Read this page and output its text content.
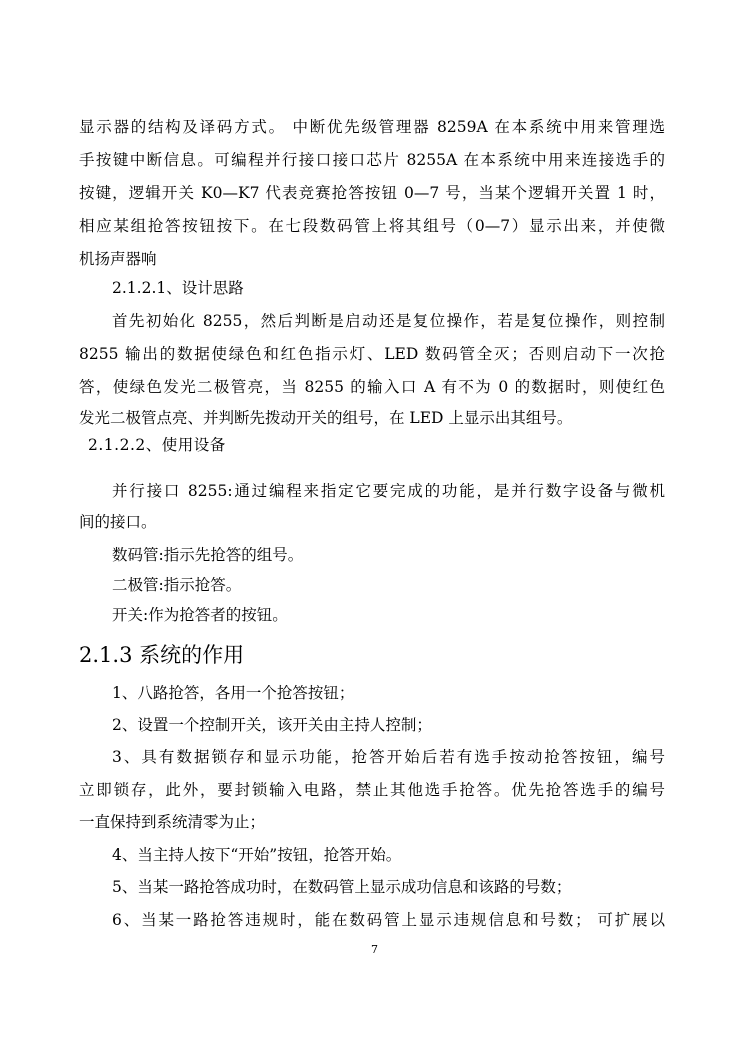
显示器的结构及译码方式。 中断优先级管理器 8259A 在本系统中用来管理选
手按键中断信息。可编程并行接口接口芯片 8255A 在本系统中用来连接选手的
按键，逻辑开关 K0—K7 代表竞赛抢答按钮 0—7 号，当某个逻辑开关置 1 时，
相应某组抢答按钮按下。在七段数码管上将其组号（0—7）显示出来，并使微
机扬声器响
2.1.2.1、设计思路
首先初始化 8255，然后判断是启动还是复位操作，若是复位操作，则控制
8255 输出的数据使绿色和红色指示灯、LED 数码管全灭；否则启动下一次抢
答，使绿色发光二极管亮，当 8255 的输入口 A 有不为 0 的数据时，则使红色
发光二极管点亮、并判断先拨动开关的组号，在 LED 上显示出其组号。
2.1.2.2、使用设备
并行接口 8255:通过编程来指定它要完成的功能，是并行数字设备与微机
间的接口。
数码管:指示先抢答的组号。
二极管:指示抢答。
开关:作为抢答者的按钮。
2.1.3 系统的作用
1、八路抢答，各用一个抢答按钮；
2、设置一个控制开关，该开关由主持人控制；
3、具有数据锁存和显示功能，抢答开始后若有选手按动抢答按钮，编号
立即锁存，此外，要封锁输入电路，禁止其他选手抢答。优先抢答选手的编号
一直保持到系统清零为止；
4、当主持人按下“开始”按钮，抢答开始。
5、当某一路抢答成功时，在数码管上显示成功信息和该路的号数；
6、当某一路抢答违规时，能在数码管上显示违规信息和号数； 可扩展以
7
